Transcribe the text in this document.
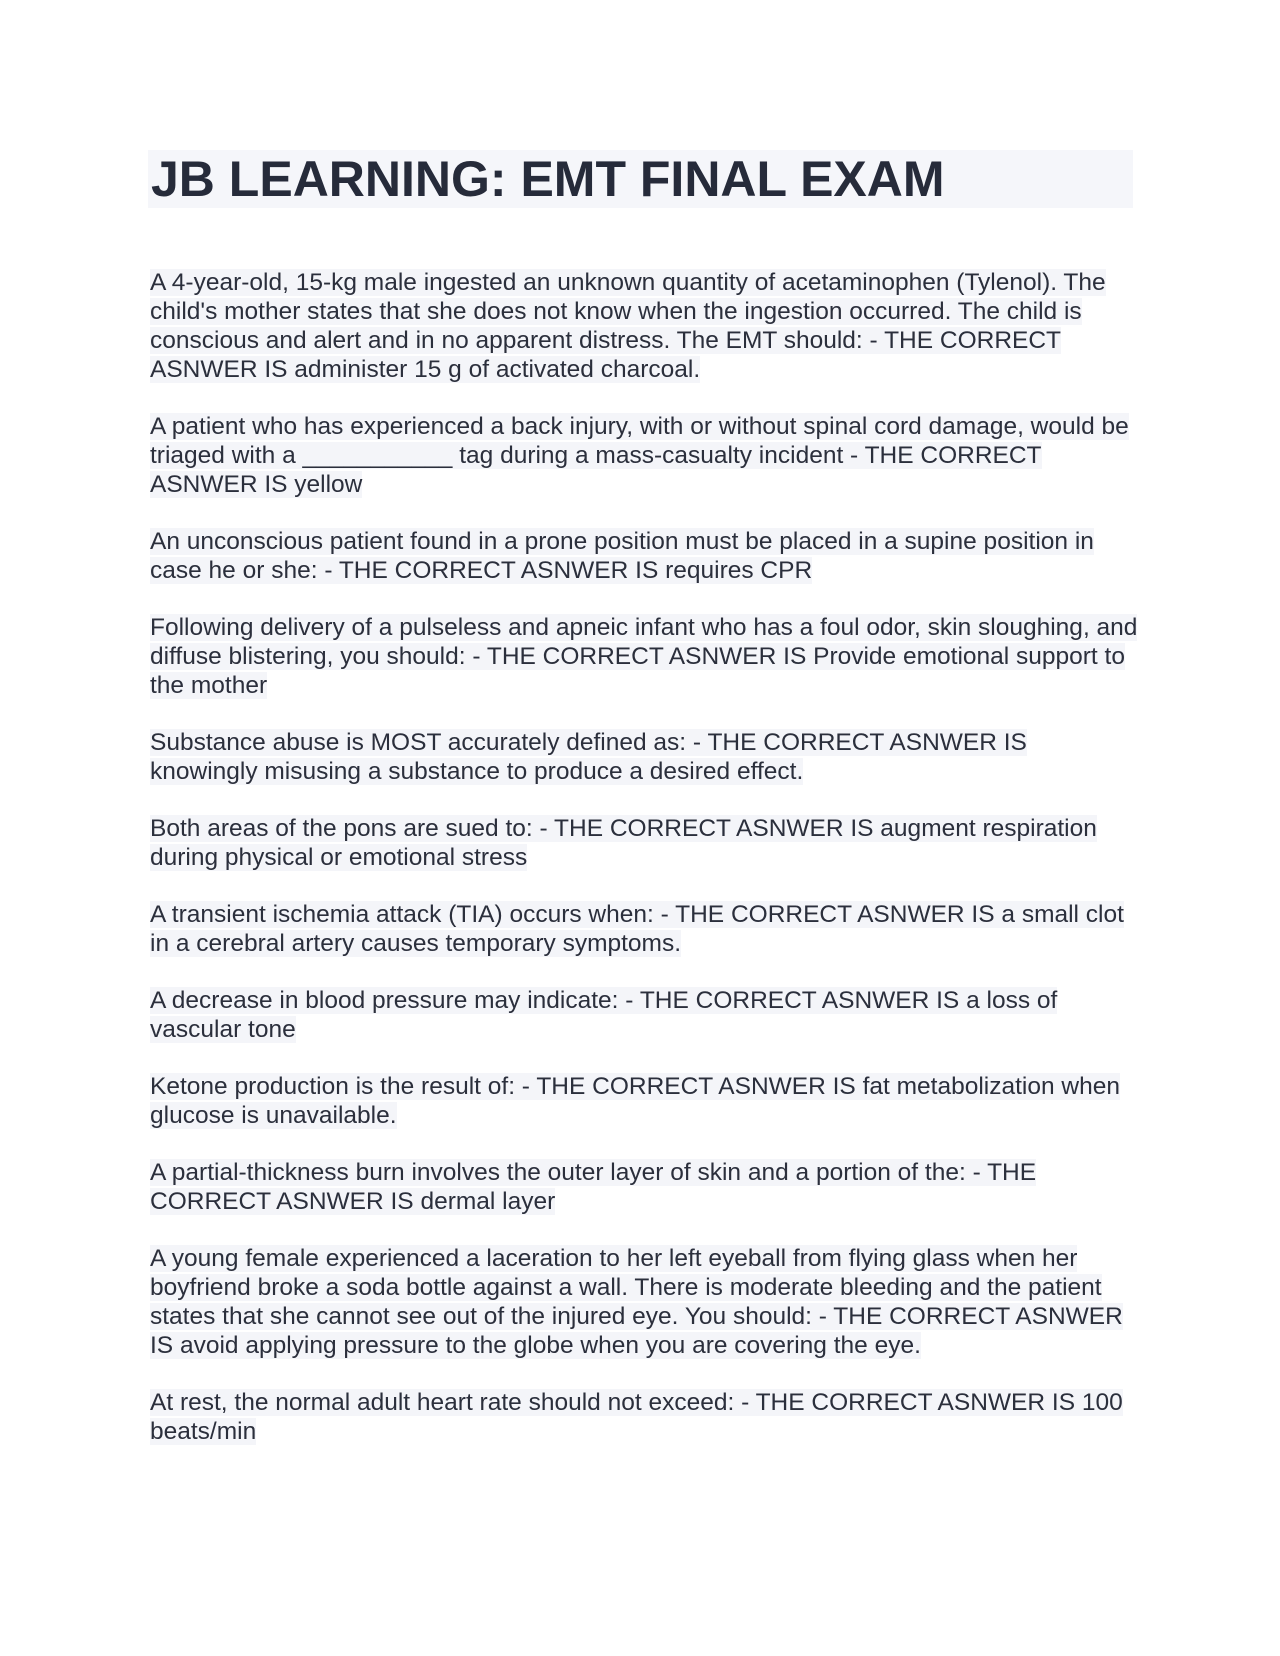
JB LEARNING: EMT FINAL EXAM

A 4-year-old, 15-kg male ingested an unknown quantity of acetaminophen (Tylenol). The child's mother states that she does not know when the ingestion occurred. The child is conscious and alert and in no apparent distress. The EMT should: - THE CORRECT ASNWER IS administer 15 g of activated charcoal.

A patient who has experienced a back injury, with or without spinal cord damage, would be triaged with a ___________ tag during a mass-casualty incident - THE CORRECT ASNWER IS yellow

An unconscious patient found in a prone position must be placed in a supine position in case he or she: - THE CORRECT ASNWER IS requires CPR

Following delivery of a pulseless and apneic infant who has a foul odor, skin sloughing, and diffuse blistering, you should: - THE CORRECT ASNWER IS Provide emotional support to the mother

Substance abuse is MOST accurately defined as: - THE CORRECT ASNWER IS knowingly misusing a substance to produce a desired effect.

Both areas of the pons are sued to: - THE CORRECT ASNWER IS augment respiration during physical or emotional stress

A transient ischemia attack (TIA) occurs when: - THE CORRECT ASNWER IS a small clot in a cerebral artery causes temporary symptoms.

A decrease in blood pressure may indicate: - THE CORRECT ASNWER IS a loss of vascular tone

Ketone production is the result of: - THE CORRECT ASNWER IS fat metabolization when glucose is unavailable.

A partial-thickness burn involves the outer layer of skin and a portion of the: - THE CORRECT ASNWER IS dermal layer

A young female experienced a laceration to her left eyeball from flying glass when her boyfriend broke a soda bottle against a wall. There is moderate bleeding and the patient states that she cannot see out of the injured eye. You should: - THE CORRECT ASNWER IS avoid applying pressure to the globe when you are covering the eye.

At rest, the normal adult heart rate should not exceed: - THE CORRECT ASNWER IS 100 beats/min
